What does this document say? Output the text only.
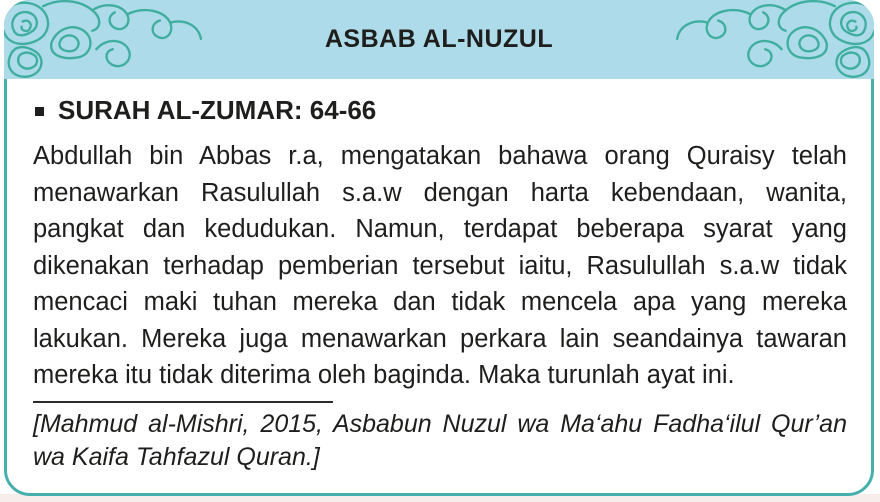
ASBAB AL-NUZUL
SURAH AL-ZUMAR: 64-66
Abdullah bin Abbas r.a, mengatakan bahawa orang Quraisy telah menawarkan Rasulullah s.a.w dengan harta kebendaan, wanita, pangkat dan kedudukan. Namun, terdapat beberapa syarat yang dikenakan terhadap pemberian tersebut iaitu, Rasulullah s.a.w tidak mencaci maki tuhan mereka dan tidak mencela apa yang mereka lakukan. Mereka juga menawarkan perkara lain seandainya tawaran mereka itu tidak diterima oleh baginda. Maka turunlah ayat ini.
[Mahmud al-Mishri, 2015, Asbabun Nuzul wa Ma‘ahu Fadha‘ilul Qur’an wa Kaifa Tahfazul Quran.]
